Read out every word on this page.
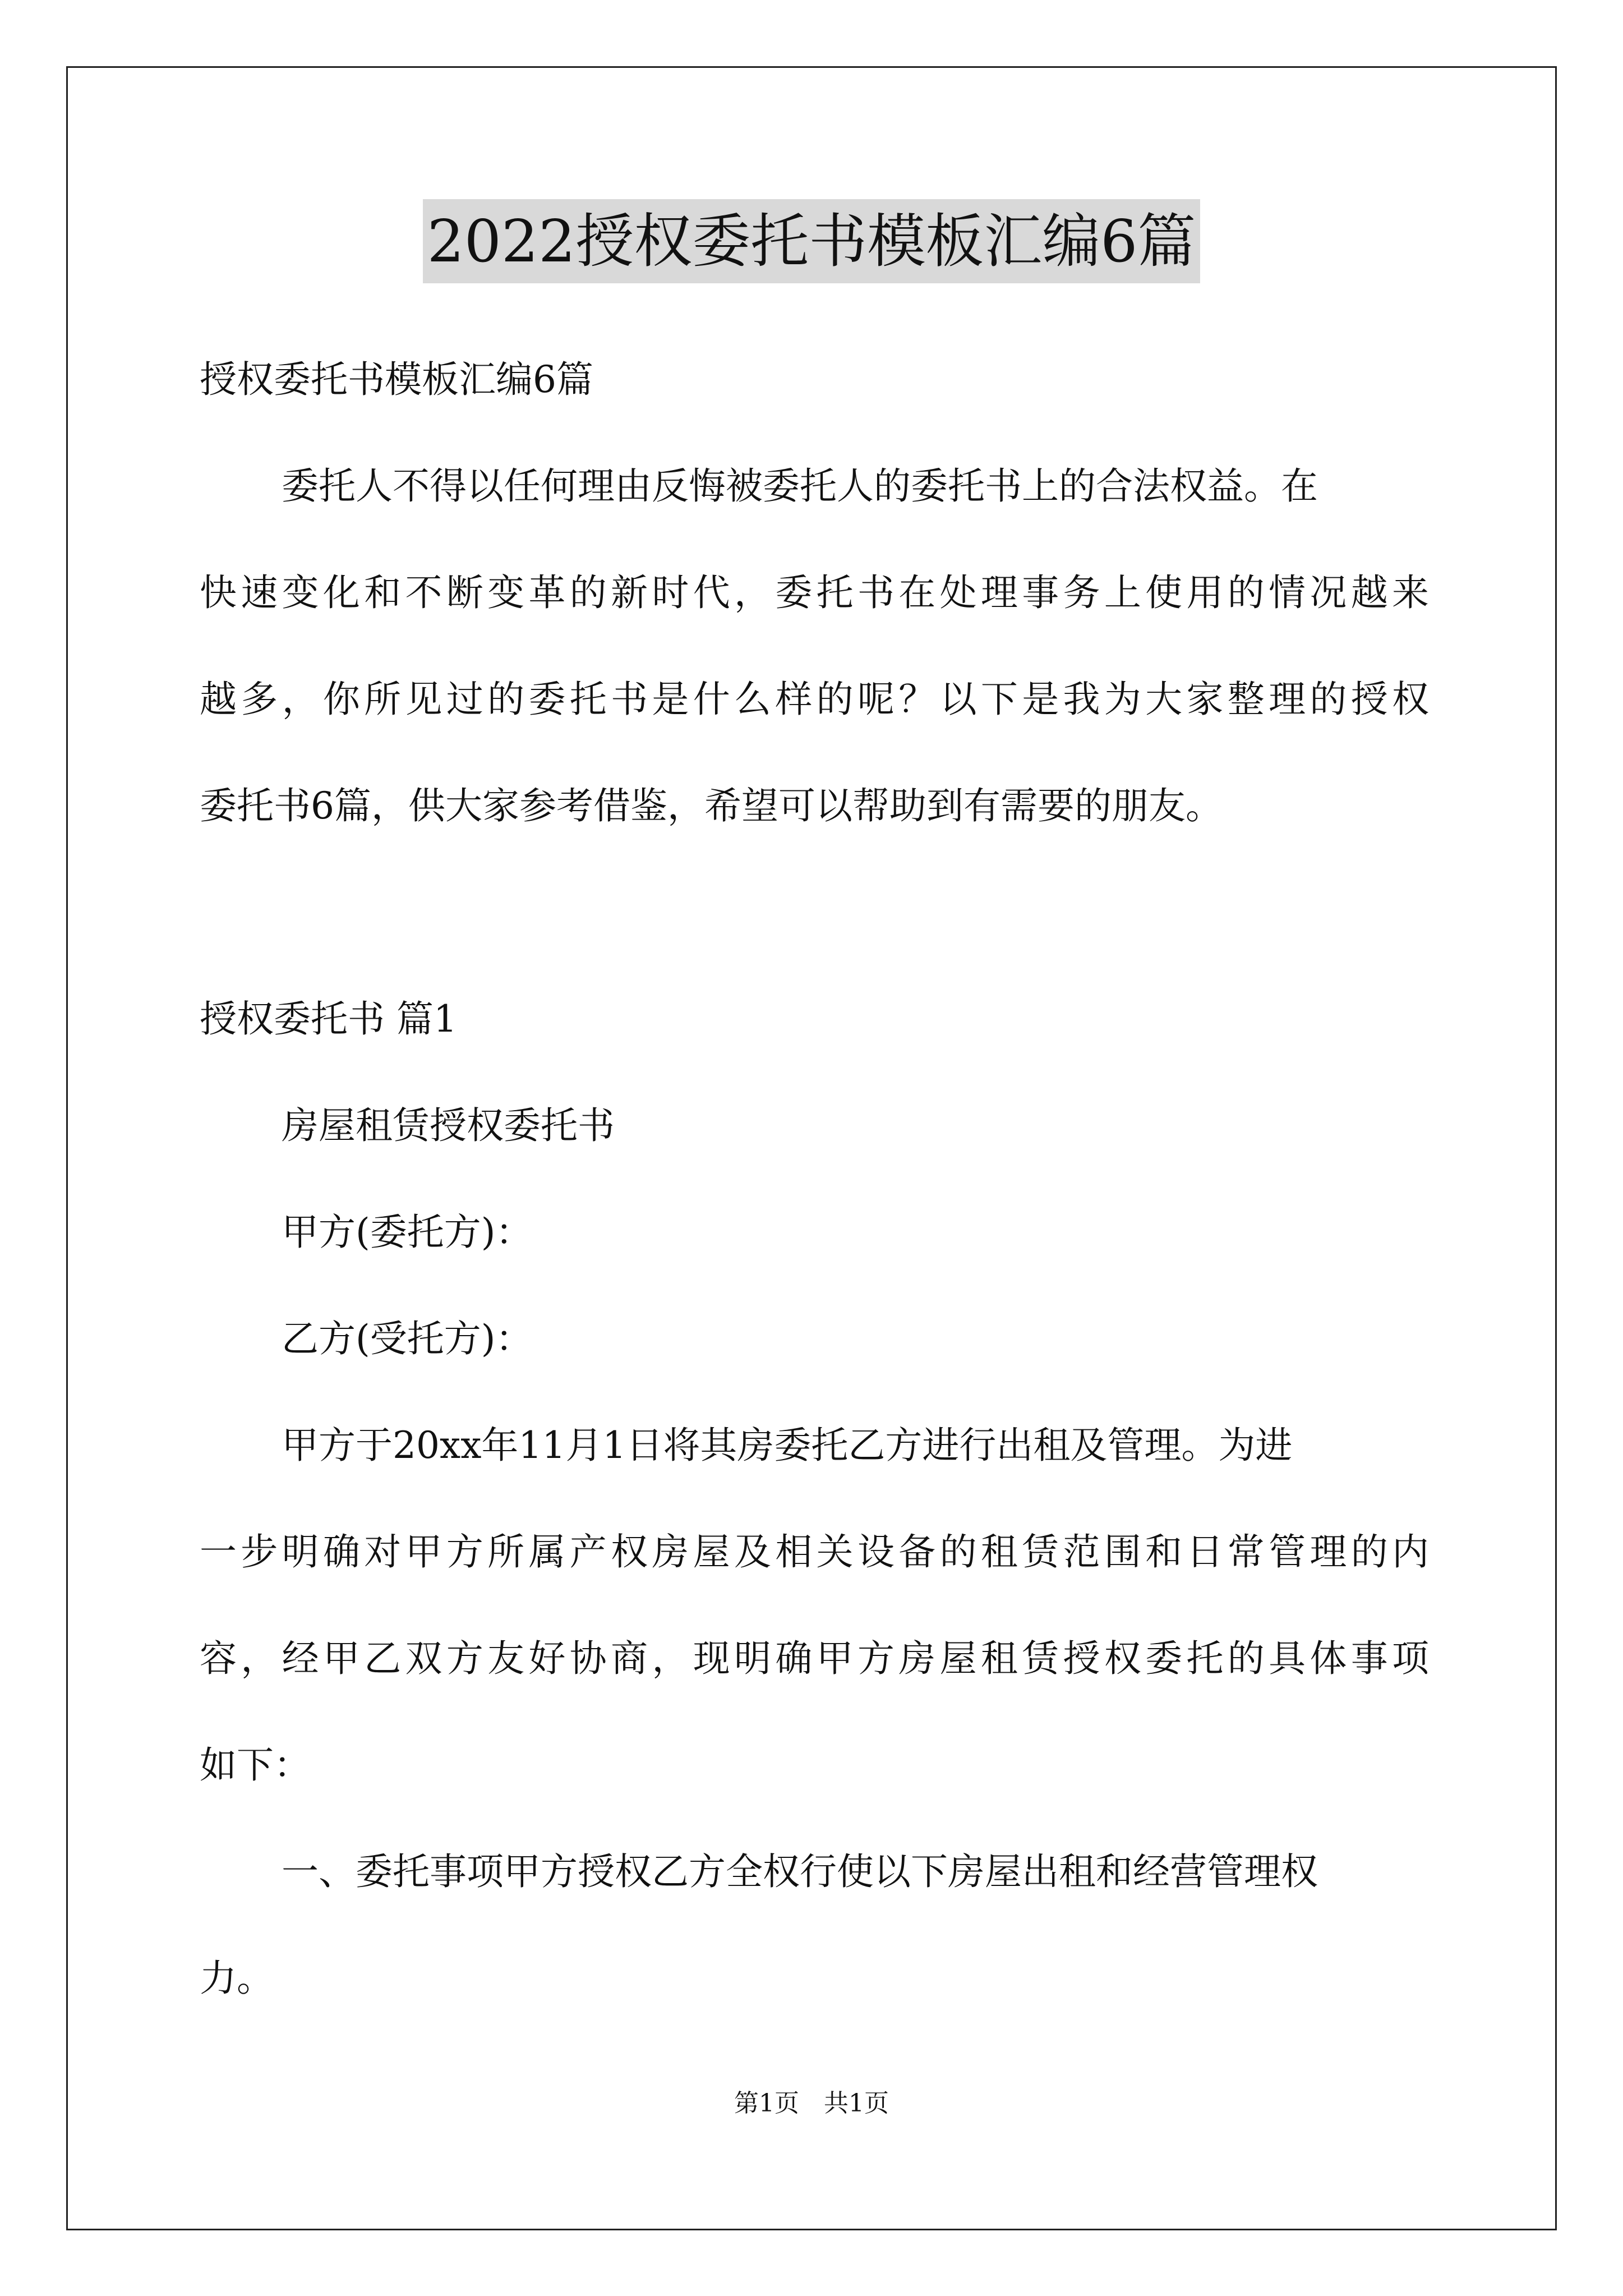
2022授权委托书模板汇编6篇

授权委托书模板汇编6篇

委托人不得以任何理由反悔被委托人的委托书上的合法权益。在

快速变化和不断变革的新时代，委托书在处理事务上使用的情况越来

越多，你所见过的委托书是什么样的呢？以下是我为大家整理的授权

委托书6篇，供大家参考借鉴，希望可以帮助到有需要的朋友。

授权委托书 篇1

房屋租赁授权委托书

甲方(委托方)：

乙方(受托方)：

甲方于20xx年11月1日将其房委托乙方进行出租及管理。为进

一步明确对甲方所属产权房屋及相关设备的租赁范围和日常管理的内

容，经甲乙双方友好协商，现明确甲方房屋租赁授权委托的具体事项

如下：

一、委托事项甲方授权乙方全权行使以下房屋出租和经营管理权

力。

第1页　共1页
